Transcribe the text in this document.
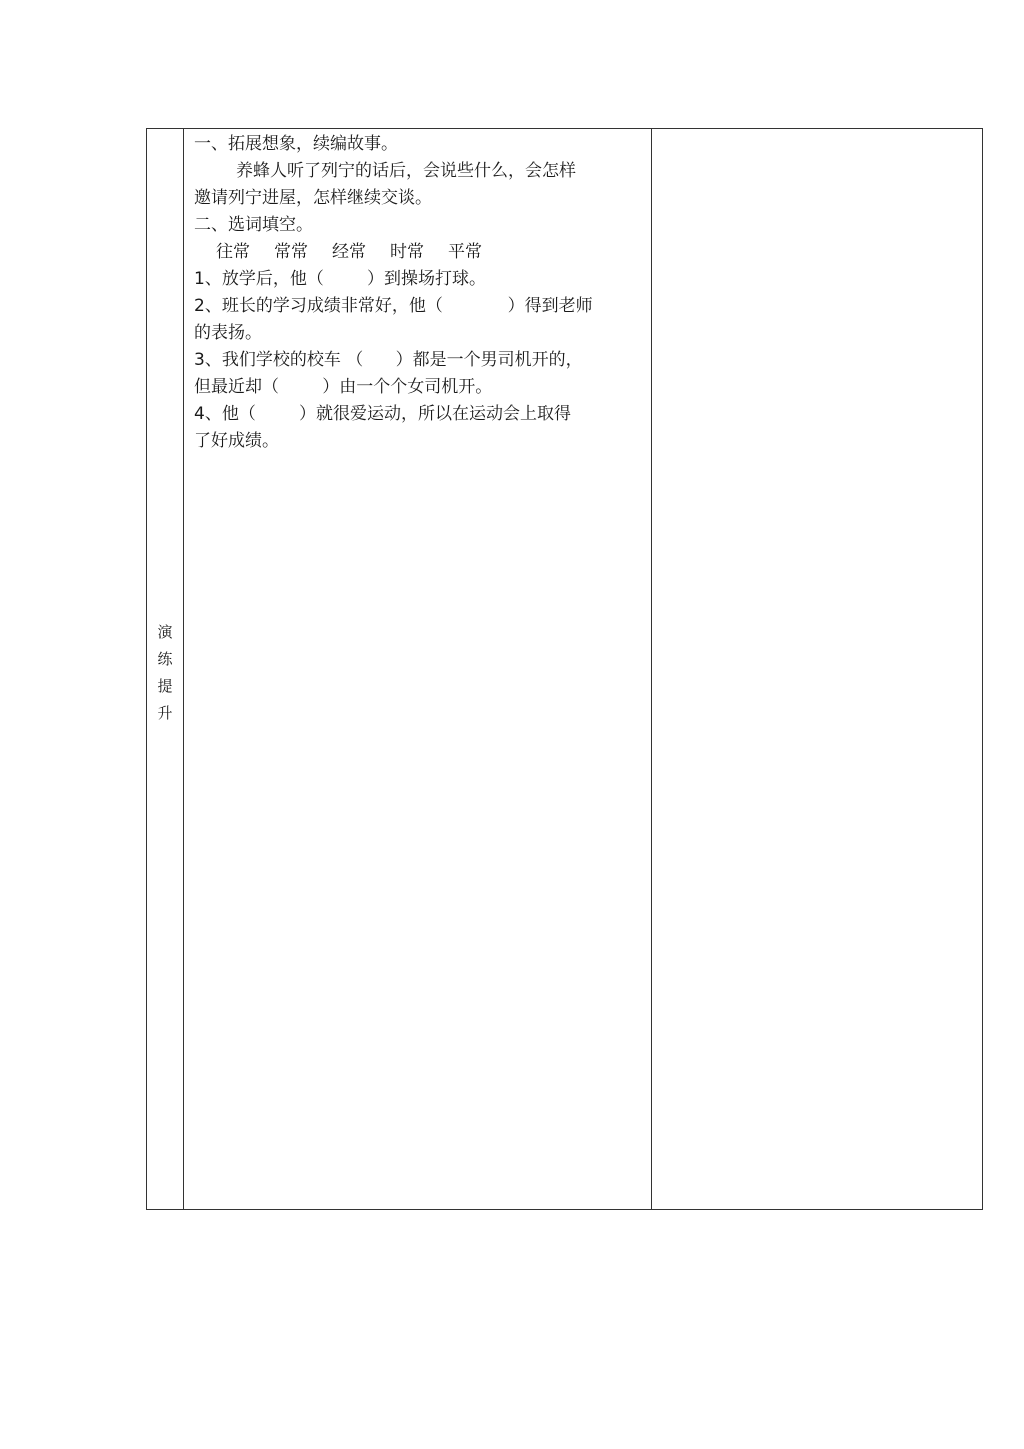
演
练
提
升

一、拓展想象，续编故事。

养蜂人听了列宁的话后，会说些什么，会怎样

邀请列宁进屋，怎样继续交谈。

二、选词填空。

往常 常常 经常 时常 平常

1、放学后，他（        ）到操场打球。

2、班长的学习成绩非常好，他（            ）得到老师

的表扬。

3、我们学校的校车 （      ）都是一个男司机开的，

但最近却（        ）由一个个女司机开。

4、他（        ）就很爱运动，所以在运动会上取得

了好成绩。
